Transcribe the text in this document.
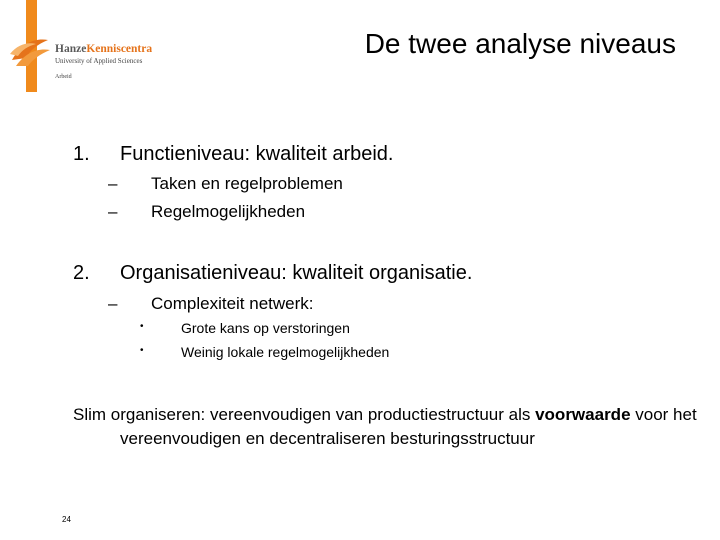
HanzeKenniscentra
University of Applied Sciences
Arbeid
De twee analyse niveaus
1. Functieniveau: kwaliteit arbeid.
– Taken en regelproblemen
– Regelmogelijkheden
2. Organisatieniveau: kwaliteit organisatie.
– Complexiteit netwerk:
•	Grote kans op verstoringen
•	Weinig lokale regelmogelijkheden
Slim organiseren: vereenvoudigen van productiestructuur als voorwaarde voor het vereenvoudigen en decentraliseren besturingsstructuur
24
